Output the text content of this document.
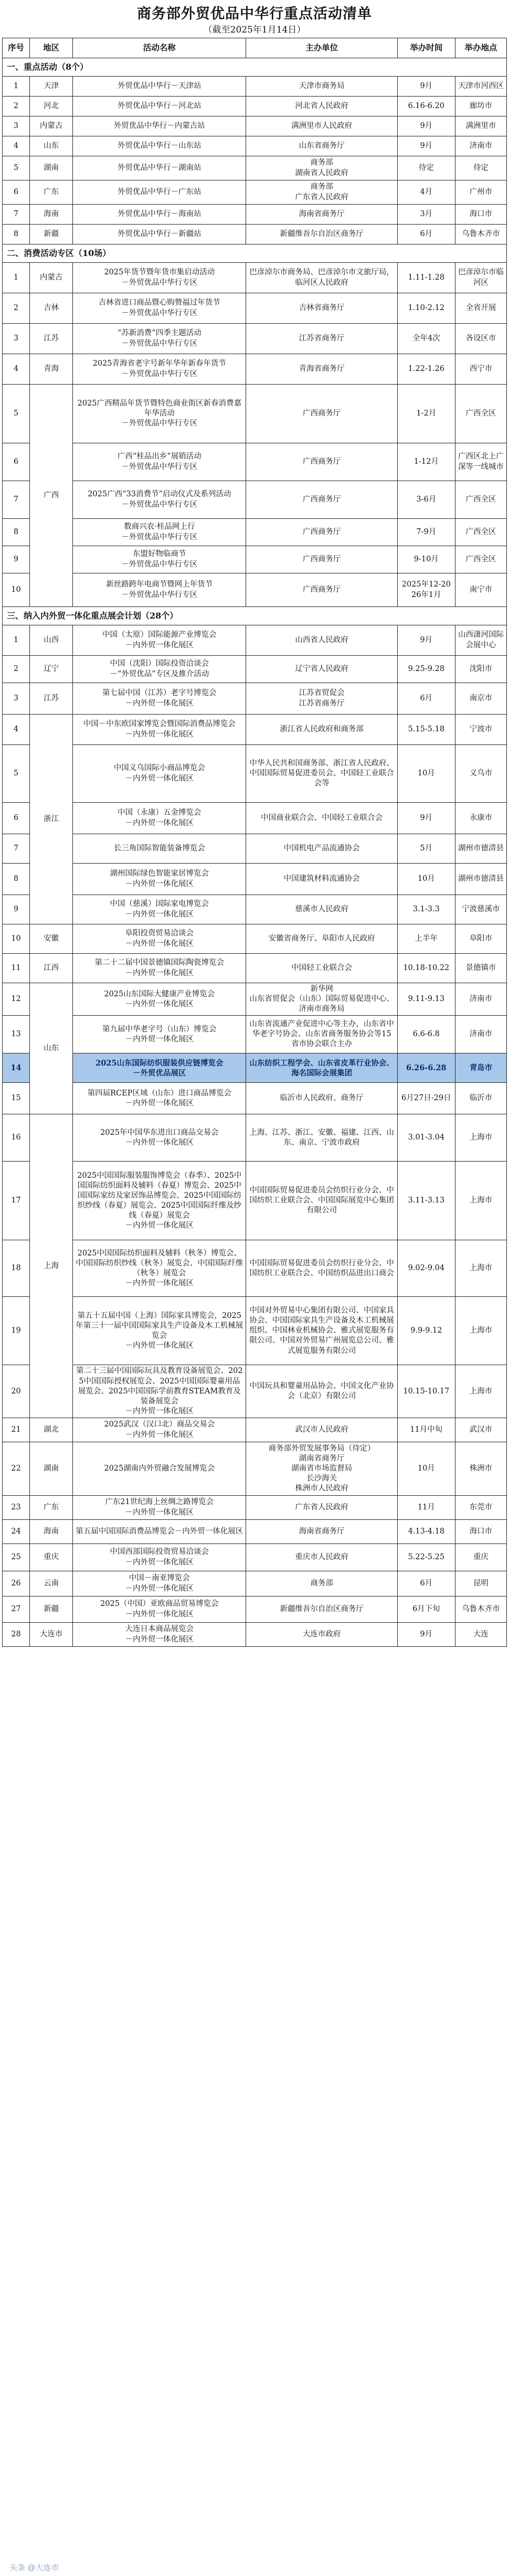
商务部外贸优品中华行重点活动清单
（截至2025年1月14日）
序号	地区	活动名称	主办单位	举办时间	举办地点
一、重点活动（8个）					
1	天津	外贸优品中华行－天津站	天津市商务局	9月	天津市河西区
2	河北	外贸优品中华行－河北站	河北省人民政府	6.16-6.20	廊坊市
3	内蒙古	外贸优品中华行－内蒙古站	满洲里市人民政府	9月	满洲里市
4	山东	外贸优品中华行－山东站	山东省商务厅	9月	济南市
5	湖南	外贸优品中华行－湖南站	商务部
湖南省人民政府	待定	待定
6	广东	外贸优品中华行－广东站	商务部
广东省人民政府	4月	广州市
7	海南	外贸优品中华行－海南站	海南省商务厅	3月	海口市
8	新疆	外贸优品中华行－新疆站	新疆维吾尔自治区商务厅	6月	乌鲁木齐市
二、消费活动专区（10场）					
1	内蒙古	2025年货节暨年货市集启动活动
－外贸优品中华行专区	巴彦淖尔市商务局、巴彦淖尔市文旅厅局，临河区人民政府	1.11-1.28	巴彦淖尔市临河区
2	吉林	吉林省进口商品暨心购赞福过年货节
－外贸优品中华行专区	吉林省商务厅	1.10-2.12	全省开展
3	江苏	“苏新消费”四季主题活动
－外贸优品中华行专区	江苏省商务厅	全年4次	各设区市
4	青海	2025青海省老字号新年华年新春年货节
－外贸优品中华行专区	青海省商务厅	1.22-1.26	西宁市
5	广西	2025广西精品年货节暨特色商业街区新春消费嘉年华活动
－外贸优品中华行专区	广西商务厅	1-2月	广西全区
6		广西“桂品出乡”展销活动
－外贸优品中华行专区	广西商务厅	1-12月	广西区北上广深等一线城市
7		2025广西“33消费节”启动仪式及系列活动
－外贸优品中华行专区	广西商务厅	3-6月	广西全区
8		数商兴农·桂品网上行
－外贸优品中华行专区	广西商务厅	7-9月	广西全区
9		东盟好物临商节
－外贸优品中华行专区	广西商务厅	9-10月	广西全区
10		新丝路跨年电商节暨网上年货节
－外贸优品中华行专区	广西商务厅	2025年12-2026年1月	南宁市
三、纳入内外贸一体化重点展会计划（28个）					
1	山西	中国（太原）国际能源产业博览会
－内外贸一体化展区	山西省人民政府	9月	山西潇河国际会展中心
2	辽宁	中国（沈阳）国际投资洽谈会
－“外贸优品”专区及推介活动	辽宁省人民政府	9.25-9.28	沈阳市
3	江苏	第七届中国（江苏）老字号博览会
－内外贸一体化展区	江苏省贸促会
江苏省商务厅	6月	南京市
4	浙江	中国－中东欧国家博览会暨国际消费品博览会
－内外贸一体化展区	浙江省人民政府和商务部	5.15-5.18	宁波市
5		中国义乌国际小商品博览会
－内外贸一体化展区	中华人民共和国商务部、浙江省人民政府、中国国际贸易促进委员会、中国轻工业联合会等	10月	义乌市
6		中国（永康）五金博览会
－内外贸一体化展区	中国商业联合会、中国轻工业联合会	9月	永康市
7		长三角国际智能装备博览会	中国机电产品流通协会	5月	湖州市德清县
8		湖州国际绿色智能家居博览会
－内外贸一体化展区	中国建筑材料流通协会	10月	湖州市德清县
9		中国（慈溪）国际家电博览会
－内外贸一体化展区	慈溪市人民政府	3.1-3.3	宁波慈溪市
10	安徽	阜阳投资贸易洽谈会
－内外贸一体化展区	安徽省商务厅、阜阳市人民政府	上半年	阜阳市
11	江西	第二十二届中国景德镇国际陶瓷博览会
－内外贸一体化展区	中国轻工业联合会	10.18-10.22	景德镇市
12	山东	2025山东国际大健康产业博览会
－内外贸一体化展区	新华网
山东省贸促会（山东）国际贸易促进中心、济南市商务局	9.11-9.13	济南市
13		第九届中华老字号（山东）博览会
－内外贸一体化展区	山东省流通产业促进中心等主办，山东省中华老字号协会、山东省商务服务协会等15省市协会联合主办	6.6-6.8	济南市
14		2025山东国际纺织服装供应链博览会
－外贸优品展区	山东纺织工程学会、山东省皮革行业协会、海名国际会展集团	6.26-6.28	青岛市
15		第四届RCEP区域（山东）进口商品博览会
－内外贸一体化展区	临沂市人民政府、商务厅	6月27日-29日	临沂市
16	上海	2025年中国华东进出口商品交易会
－内外贸一体化展区	上海、江苏、浙江、安徽、福建、江西、山东、南京、宁波市政府	3.01-3.04	上海市
17		2025中国国际服装服饰博览会（春季）、2025中国国际纺织面料及辅料（春夏）博览会、2025中国国际家纺及家居饰品博览会、2025中国国际纺织纱线（春夏）展览会、2025中国国际纤维及纱线（春夏）展览会
－内外贸一体化展区	中国国际贸易促进委员会纺织行业分会、中国纺织工业联合会、中国国际展览中心集团有限公司	3.11-3.13	上海市
18		2025中国国际纺织面料及辅料（秋冬）博览会、中国国际纺织纱线（秋冬）展览会、中国国际纤维（秋冬）展览会
－内外贸一体化展区	中国国际贸易促进委员会纺织行业分会、中国纺织工业联合会、中国纺织品进出口商会	9.02-9.04	上海市
19		第五十五届中国（上海）国际家具博览会，2025年第三十一届中国国际家具生产设备及木工机械展览会
－内外贸一体化展区	中国对外贸易中心集团有限公司、中国家具协会、中国国际家具生产设备及木工机械展组织、中国林业机械协会、雅式展览服务有限公司、中国对外贸易广州展览总公司、雅式展览服务有限公司	9.9-9.12	上海市
20		第二十三届中国国际玩具及教育设备展览会、2025中国国际授权展览会、2025中国国际婴童用品展览会、2025中国国际学前教育STEAM教育及装备展览会
－内外贸一体化展区	中国玩具和婴童用品协会、中国文化产业协会（北京）有限公司	10.15-10.17	上海市
21	湖北	2025武汉（汉口北）商品交易会
－内外贸一体化展区	武汉市人民政府	11月中旬	武汉市
22	湖南	2025湖南内外贸融合发展博览会	商务部外贸发展事务局（待定）
湖南省商务厅
湖南省市场监督局
长沙海关
株洲市人民政府	10月	株洲市
23	广东	广东21世纪海上丝绸之路博览会
－内外贸一体化展区	广东省人民政府	11月	东莞市
24	海南	第五届中国国际消费品博览会－内外贸一体化展区	海南省商务厅	4.13-4.18	海口市
25	重庆	中国西部国际投资贸易洽谈会
－内外贸一体化展区	重庆市人民政府	5.22-5.25	重庆
26	云南	中国－南亚博览会
－内外贸一体化展区	商务部	6月	昆明
27	新疆	2025（中国）亚欧商品贸易博览会
－内外贸一体化展区	新疆维吾尔自治区商务厅	6月下旬	乌鲁木齐市
28	大连市	大连日本商品展览会
－内外贸一体化展区	大连市政府	9月	大连
头条 @大连市
